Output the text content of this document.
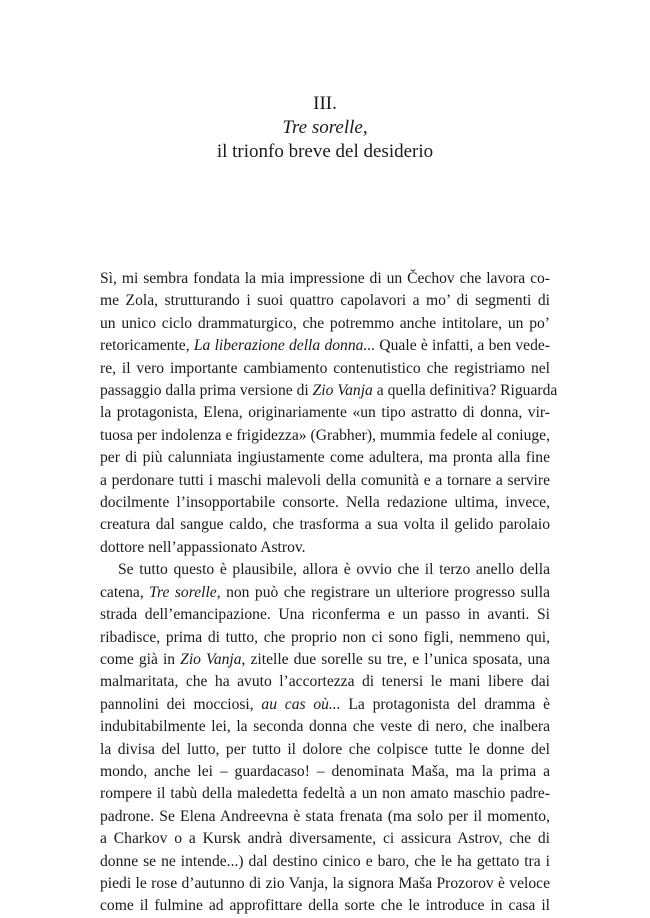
III.
Tre sorelle,
il trionfo breve del desiderio
Sì, mi sembra fondata la mia impressione di un Čechov che lavora co-
me Zola, strutturando i suoi quattro capolavori a mo’ di segmenti di
un unico ciclo drammaturgico, che potremmo anche intitolare, un po’
retoricamente, La liberazione della donna... Quale è infatti, a ben vede-
re, il vero importante cambiamento contenutistico che registriamo nel
passaggio dalla prima versione di Zio Vanja a quella definitiva? Riguarda
la protagonista, Elena, originariamente «un tipo astratto di donna, vir-
tuosa per indolenza e frigidezza» (Grabher), mummia fedele al coniuge,
per di più calunniata ingiustamente come adultera, ma pronta alla fine
a perdonare tutti i maschi malevoli della comunità e a tornare a servire
docilmente l’insopportabile consorte. Nella redazione ultima, invece,
creatura dal sangue caldo, che trasforma a sua volta il gelido parolaio
dottore nell’appassionato Astrov.
Se tutto questo è plausibile, allora è ovvio che il terzo anello della
catena, Tre sorelle, non può che registrare un ulteriore progresso sulla
strada dell’emancipazione. Una riconferma e un passo in avanti. Si
ribadisce, prima di tutto, che proprio non ci sono figli, nemmeno qui,
come già in Zio Vanja, zitelle due sorelle su tre, e l’unica sposata, una
malmaritata, che ha avuto l’accortezza di tenersi le mani libere dai
pannolini dei mocciosi, au cas où... La protagonista del dramma è
indubitabilmente lei, la seconda donna che veste di nero, che inalbera
la divisa del lutto, per tutto il dolore che colpisce tutte le donne del
mondo, anche lei – guardacaso! – denominata Maša, ma la prima a
rompere il tabù della maledetta fedeltà a un non amato maschio padre-
padrone. Se Elena Andreevna è stata frenata (ma solo per il momento,
a Charkov o a Kursk andrà diversamente, ci assicura Astrov, che di
donne se ne intende...) dal destino cinico e baro, che le ha gettato tra i
piedi le rose d’autunno di zio Vanja, la signora Maša Prozorov è veloce
come il fulmine ad approfittare della sorte che le introduce in casa il
